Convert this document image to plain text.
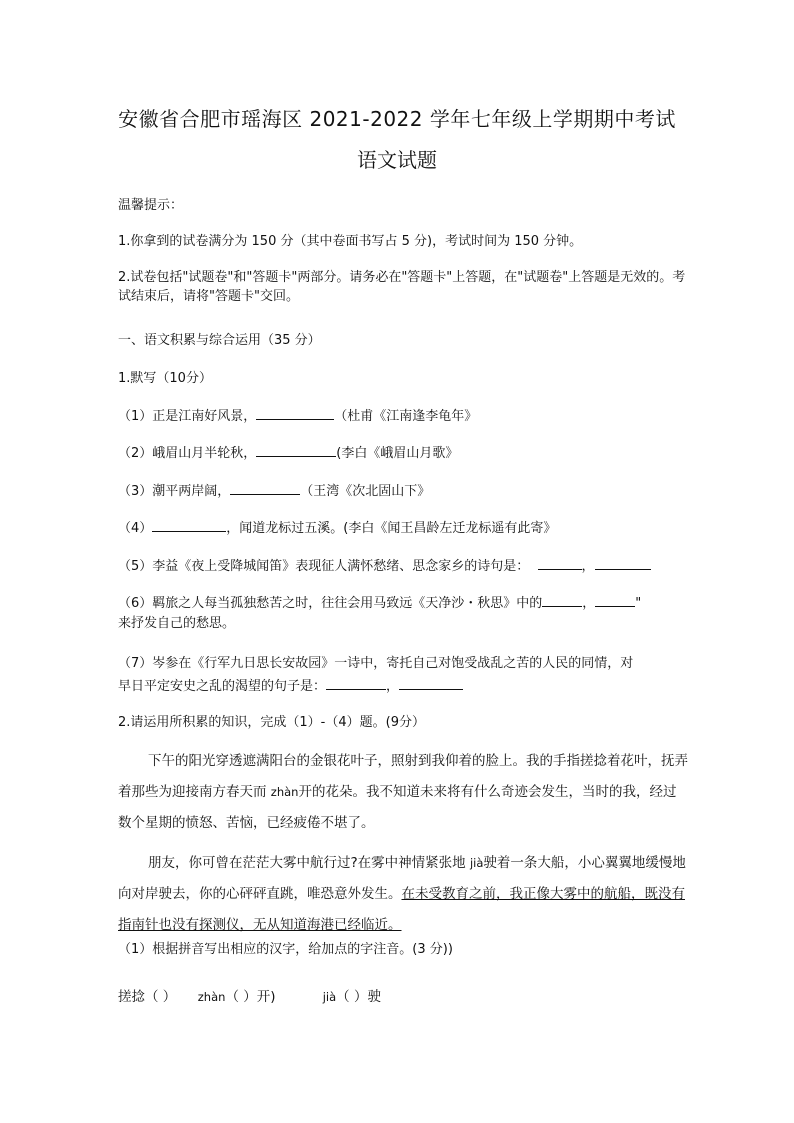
安徽省合肥市瑶海区 2021-2022 学年七年级上学期期中考试
语文试题
温馨提示：
1.你拿到的试卷满分为 150 分（其中卷面书写占 5 分)，考试时间为 150 分钟。
2.试卷包括"试题卷"和"答题卡"两部分。请务必在"答题卡"上答题，在"试题卷"上答题是无效的。考试结束后，请将"答题卡"交回。
一、语文积累与综合运用（35 分）
1.默写（10分）
（1）正是江南好风景，	（杜甫《江南逢李龟年》
（2）峨眉山月半轮秋，	(李白《峨眉山月歌》
（3）潮平两岸阔，	（王湾《次北固山下》
（4）	，闻道龙标过五溪。(李白《闻王昌龄左迁龙标遥有此寄》
（5）李益《夜上受降城闻笛》表现征人满怀愁绪、思念家乡的诗句是：	，
（6）羁旅之人每当孤独愁苦之时，往往会用马致远《天净沙・秋思》中的	，	"
来抒发自己的愁思。
（7）岑参在《行军九日思长安故园》一诗中，寄托自己对饱受战乱之苦的人民的同情，对
早日平定安史之乱的渴望的句子是：	，
2.请运用所积累的知识，完成（1）-（4）题。(9分）
下午的阳光穿透遮满阳台的金银花叶子，照射到我仰着的脸上。我的手指搓捻着花叶，抚弄着那些为迎接南方春天而 zhàn开的花朵。我不知道未来将有什么奇迹会发生，当时的我，经过数个星期的愤怒、苦恼，已经疲倦不堪了。
朋友，你可曾在茫茫大雾中航行过?在雾中神情紧张地 jià驶着一条大船，小心翼翼地缓慢地向对岸驶去，你的心砰砰直跳，唯恐意外发生。在未受教育之前，我正像大雾中的航船，既没有指南针也没有探测仪，无从知道海港已经临近。
（1）根据拼音写出相应的汉字，给加点的字注音。(3 分))
搓捻（ ） zhàn（ ）开)	jià（ ）驶
